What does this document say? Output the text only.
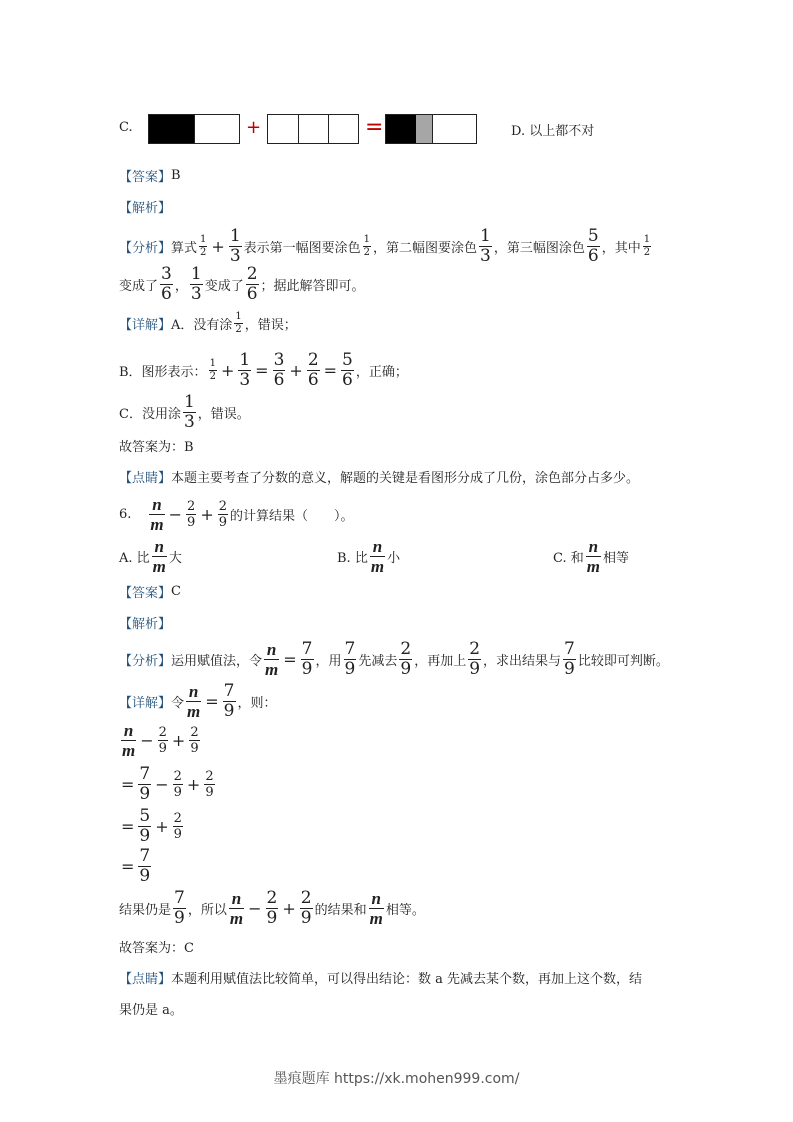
C.	+	=	D. 以上都不对
【答案】 B
【解析】
【分析】 算式 $\frac{1}{2} + \frac{1}{3}$ 表示第一幅图要涂色 $\frac{1}{2}$ ，第二幅图要涂色 $\frac{1}{3}$ ，第三幅图涂色 $\frac{5}{6}$ ，其中 $\frac{1}{2}$
变成了 $\frac{3}{6}$ ， $\frac{1}{3}$ 变成了 $\frac{2}{6}$ ；据此解答即可。
【详解】 A．没有涂 $\frac{1}{2}$ ，错误；
B．图形表示： $\frac{1}{2} + \frac{1}{3} = \frac{3}{6} + \frac{2}{6} = \frac{5}{6}$ ，正确；
C．没用涂 $\frac{1}{3}$ ，错误。
故答案为：B
【点睛】 本题主要考查了分数的意义，解题的关键是看图形分成了几份，涂色部分占多少。
6. $\frac{n}{m} - \frac{2}{9} + \frac{2}{9}$ 的计算结果（　　）。
A. 比 $\frac{n}{m}$ 大	B. 比 $\frac{n}{m}$ 小	C. 和 $\frac{n}{m}$ 相等
【答案】 C
【解析】
【分析】 运用赋值法，令 $\frac{n}{m} = \frac{7}{9}$ ，用 $\frac{7}{9}$ 先减去 $\frac{2}{9}$ ，再加上 $\frac{2}{9}$ ，求出结果与 $\frac{7}{9}$ 比较即可判断。
【详解】 令 $\frac{n}{m} = \frac{7}{9}$ ，则：
$\frac{n}{m} - \frac{2}{9} + \frac{2}{9}$
= $\frac{7}{9} - \frac{2}{9} + \frac{2}{9}$
= $\frac{5}{9} + \frac{2}{9}$
= $\frac{7}{9}$
结果仍是 $\frac{7}{9}$ ，所以 $\frac{n}{m} - \frac{2}{9} + \frac{2}{9}$ 的结果和 $\frac{n}{m}$ 相等。
故答案为：C
【点睛】 本题利用赋值法比较简单，可以得出结论：数 a 先减去某个数，再加上这个数，结
果仍是 a。
墨痕题库 https://xk.mohen999.com/
